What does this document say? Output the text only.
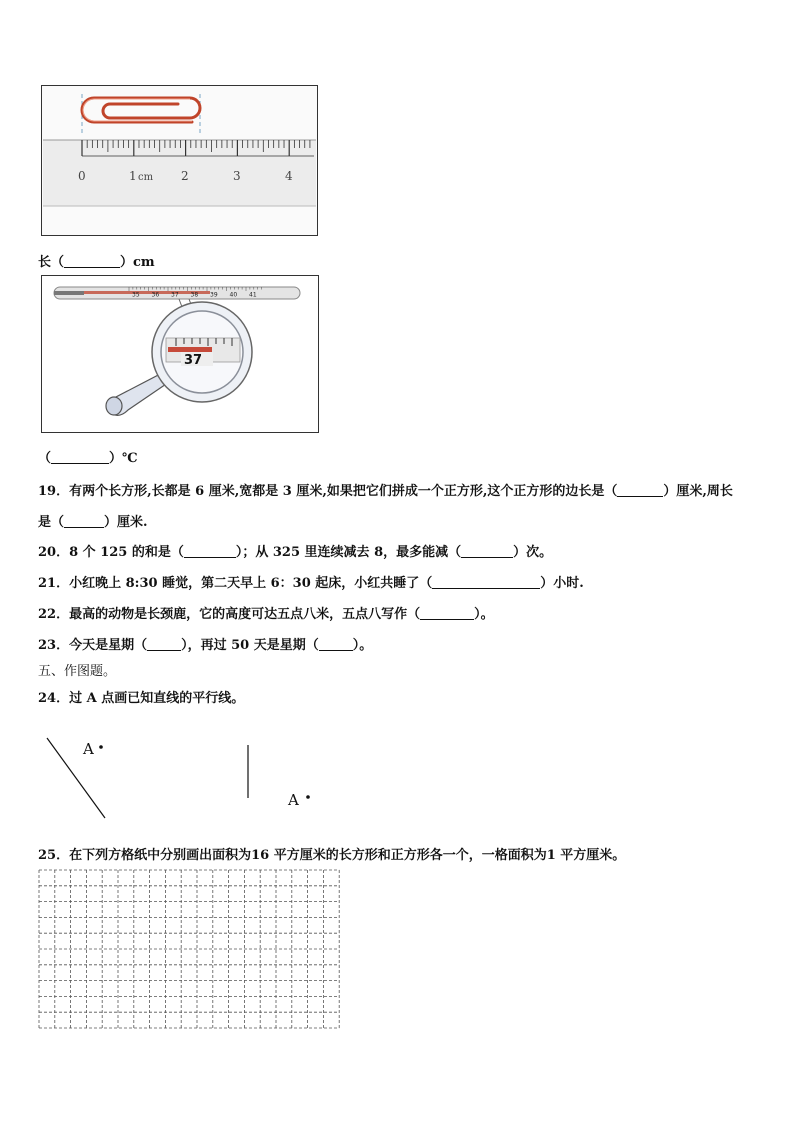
0	1 cm 2	3	4
长（	）cm
35 36 37 38 39 40 41
37
（	）℃
19．有两个长方形,长都是 6 厘米,宽都是 3 厘米,如果把它们拼成一个正方形,这个正方形的边长是（	）厘米,周长
是（	）厘米.
20．8 个 125 的和是（	）；从 325 里连续减去 8，最多能减（	）次。
21．小红晚上 8:30 睡觉，第二天早上 6：30 起床，小红共睡了（	）小时.
22．最高的动物是长颈鹿，它的高度可达五点八米，五点八写作（	）。
23．今天是星期（	），再过 50 天是星期（	）。
五、作图题。
24．过 A 点画已知直线的平行线。
A
A
25．在下列方格纸中分别画出面积为16 平方厘米的长方形和正方形各一个，一格面积为1 平方厘米。
